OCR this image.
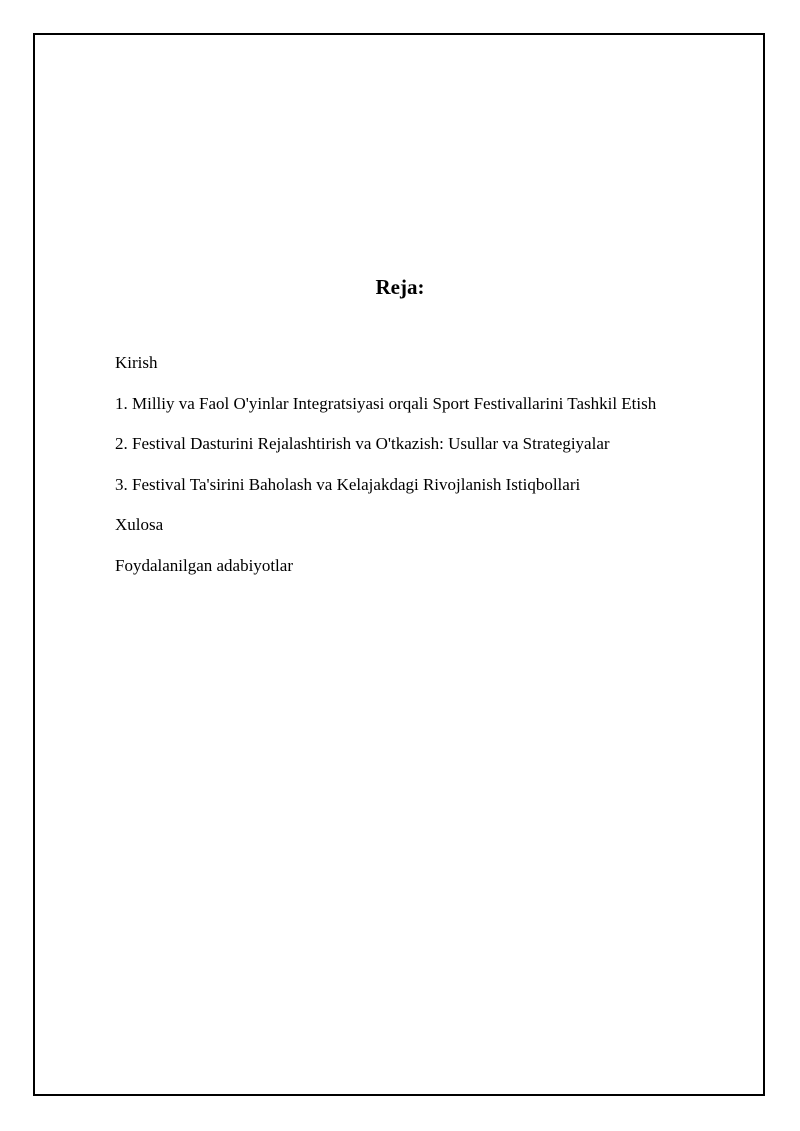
Reja:
Kirish
1. Milliy va Faol O'yinlar Integratsiyasi orqali Sport Festivallarini Tashkil Etish
2. Festival Dasturini Rejalashtirish va O'tkazish: Usullar va Strategiyalar
3. Festival Ta'sirini Baholash va Kelajakdagi Rivojlanish Istiqbollari
Xulosa
Foydalanilgan adabiyotlar
